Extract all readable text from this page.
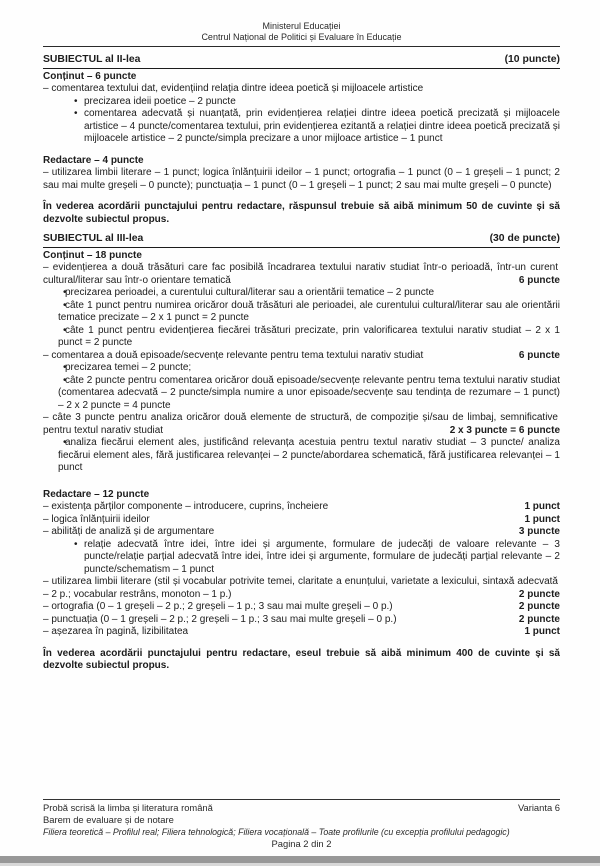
Ministerul Educației
Centrul Național de Politici și Evaluare în Educație
SUBIECTUL al II-lea	(10 puncte)
Conținut – 6 puncte
– comentarea textului dat, evidențiind relația dintre ideea poetică și mijloacele artistice
• precizarea ideii poetice – 2 puncte
• comentarea adecvată și nuanțată, prin evidențierea relației dintre ideea poetică precizată și mijloacele artistice – 4 puncte/comentarea textului, prin evidențierea ezitantă a relației dintre ideea poetică precizată și mijloacele artistice – 2 puncte/simpla precizare a unor mijloace artistice – 1 punct
Redactare – 4 puncte
– utilizarea limbii literare – 1 punct; logica înlănțuirii ideilor – 1 punct; ortografia – 1 punct (0 – 1 greșeli – 1 punct; 2 sau mai multe greșeli – 0 puncte); punctuația – 1 punct (0 – 1 greșeli – 1 punct; 2 sau mai multe greșeli – 0 puncte)
În vederea acordării punctajului pentru redactare, răspunsul trebuie să aibă minimum 50 de cuvinte și să dezvolte subiectul propus.
SUBIECTUL al III-lea	(30 de puncte)
Conținut – 18 puncte
– evidențierea a două trăsături care fac posibilă încadrarea textului narativ studiat într-o perioadă, într-un curent cultural/literar sau într-o orientare tematică	6 puncte
• precizarea perioadei, a curentului cultural/literar sau a orientării tematice – 2 puncte
• câte 1 punct pentru numirea oricăror două trăsături ale perioadei, ale curentului cultural/literar sau ale orientării tematice precizate – 2 x 1 punct = 2 puncte
• câte 1 punct pentru evidențierea fiecărei trăsături precizate, prin valorificarea textului narativ studiat – 2 x 1 punct = 2 puncte
– comentarea a două episoade/secvențe relevante pentru tema textului narativ studiat	6 puncte
• precizarea temei – 2 puncte;
• câte 2 puncte pentru comentarea oricăror două episoade/secvențe relevante pentru tema textului narativ studiat (comentarea adecvată – 2 puncte/simpla numire a unor episoade/secvențe sau tendința de rezumare – 1 punct) – 2 x 2 puncte = 4 puncte
– câte 3 puncte pentru analiza oricăror două elemente de structură, de compoziție și/sau de limbaj, semnificative pentru textul narativ studiat	2 x 3 puncte = 6 puncte
• analiza fiecărui element ales, justificând relevanța acestuia pentru textul narativ studiat – 3 puncte/ analiza fiecărui element ales, fără justificarea relevanței – 2 puncte/abordarea schematică, fără justificarea relevanței – 1 punct
Redactare – 12 puncte
– existența părților componente – introducere, cuprins, încheiere	1 punct
– logica înlănțuirii ideilor	1 punct
– abilități de analiză și de argumentare	3 puncte
• relație adecvată între idei, între idei și argumente, formulare de judecăți de valoare relevante – 3 puncte/relație parțial adecvată între idei, între idei și argumente, formulare de judecăți parțial relevante – 2 puncte/schematism – 1 punct
– utilizarea limbii literare (stil și vocabular potrivite temei, claritate a enunțului, varietate a lexicului, sintaxă adecvată – 2 p.; vocabular restrâns, monoton – 1 p.)	2 puncte
– ortografia (0 – 1 greșeli – 2 p.; 2 greșeli – 1 p.; 3 sau mai multe greșeli – 0 p.)	2 puncte
– punctuația (0 – 1 greșeli – 2 p.; 2 greșeli – 1 p.; 3 sau mai multe greșeli – 0 p.)	2 puncte
– așezarea în pagină, lizibilitatea	1 punct
În vederea acordării punctajului pentru redactare, eseul trebuie să aibă minimum 400 de cuvinte și să dezvolte subiectul propus.
Probă scrisă la limba și literatura română	Varianta 6
Barem de evaluare și de notare
Filiera teoretică – Profilul real; Filiera tehnologică; Filiera vocațională – Toate profilurile (cu excepția profilului pedagogic)
Pagina 2 din 2
